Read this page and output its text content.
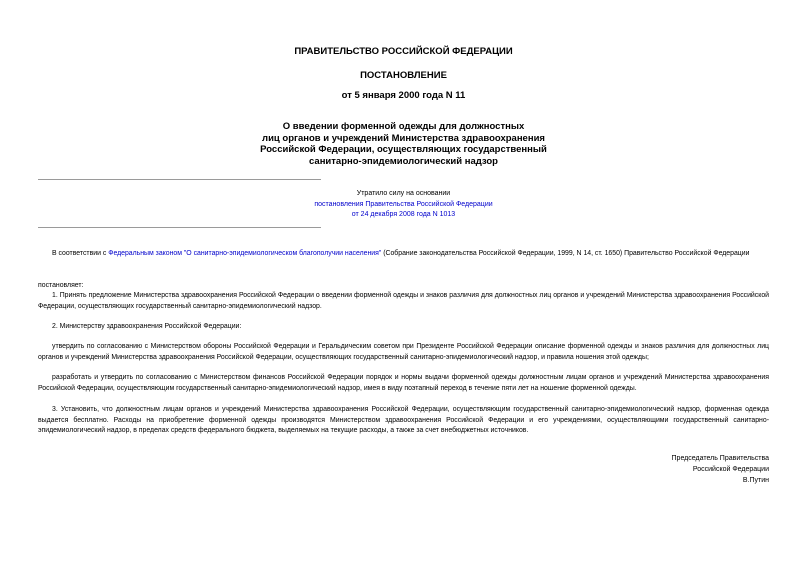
ПРАВИТЕЛЬСТВО РОССИЙСКОЙ ФЕДЕРАЦИИ

ПОСТАНОВЛЕНИЕ

от 5 января 2000 года N 11

О введении форменной одежды для должностных
лиц органов и учреждений Министерства здравоохранения
Российской Федерации, осуществляющих государственный
санитарно-эпидемиологический надзор
Утратило силу на основании
постановления Правительства Российской Федерации
от 24 декабря 2008 года N 1013

В соответствии с Федеральным законом "О санитарно-эпидемиологическом благополучии населения" (Собрание законодательства Российской Федерации, 1999, N 14, ст. 1650) Правительство Российской Федерации

постановляет:

1. Принять предложение Министерства здравоохранения Российской Федерации о введении форменной одежды и знаков различия для должностных лиц органов и учреждений Министерства здравоохранения Российской Федерации, осуществляющих государственный санитарно-эпидемиологический надзор.

2. Министерству здравоохранения Российской Федерации:

утвердить по согласованию с Министерством обороны Российской Федерации и Геральдическим советом при Президенте Российской Федерации описание форменной одежды и знаков различия для должностных лиц органов и учреждений Министерства здравоохранения Российской Федерации, осуществляющих государственный санитарно-эпидемиологический надзор, и правила ношения этой одежды;

разработать и утвердить по согласованию с Министерством финансов Российской Федерации порядок и нормы выдачи форменной одежды должностным лицам органов и учреждений Министерства здравоохранения Российской Федерации, осуществляющим государственный санитарно-эпидемиологический надзор, имея в виду поэтапный переход в течение пяти лет на ношение форменной одежды.

3. Установить, что должностным лицам органов и учреждений Министерства здравоохранения Российской Федерации, осуществляющим государственный санитарно-эпидемиологический надзор, форменная одежда выдается бесплатно. Расходы на приобретение форменной одежды производятся Министерством здравоохранения Российской Федерации и его учреждениями, осуществляющими государственный санитарно-эпидемиологический надзор, в пределах средств федерального бюджета, выделяемых на текущие расходы, а также за счет внебюджетных источников.

Председатель Правительства
Российской Федерации
В.Путин
